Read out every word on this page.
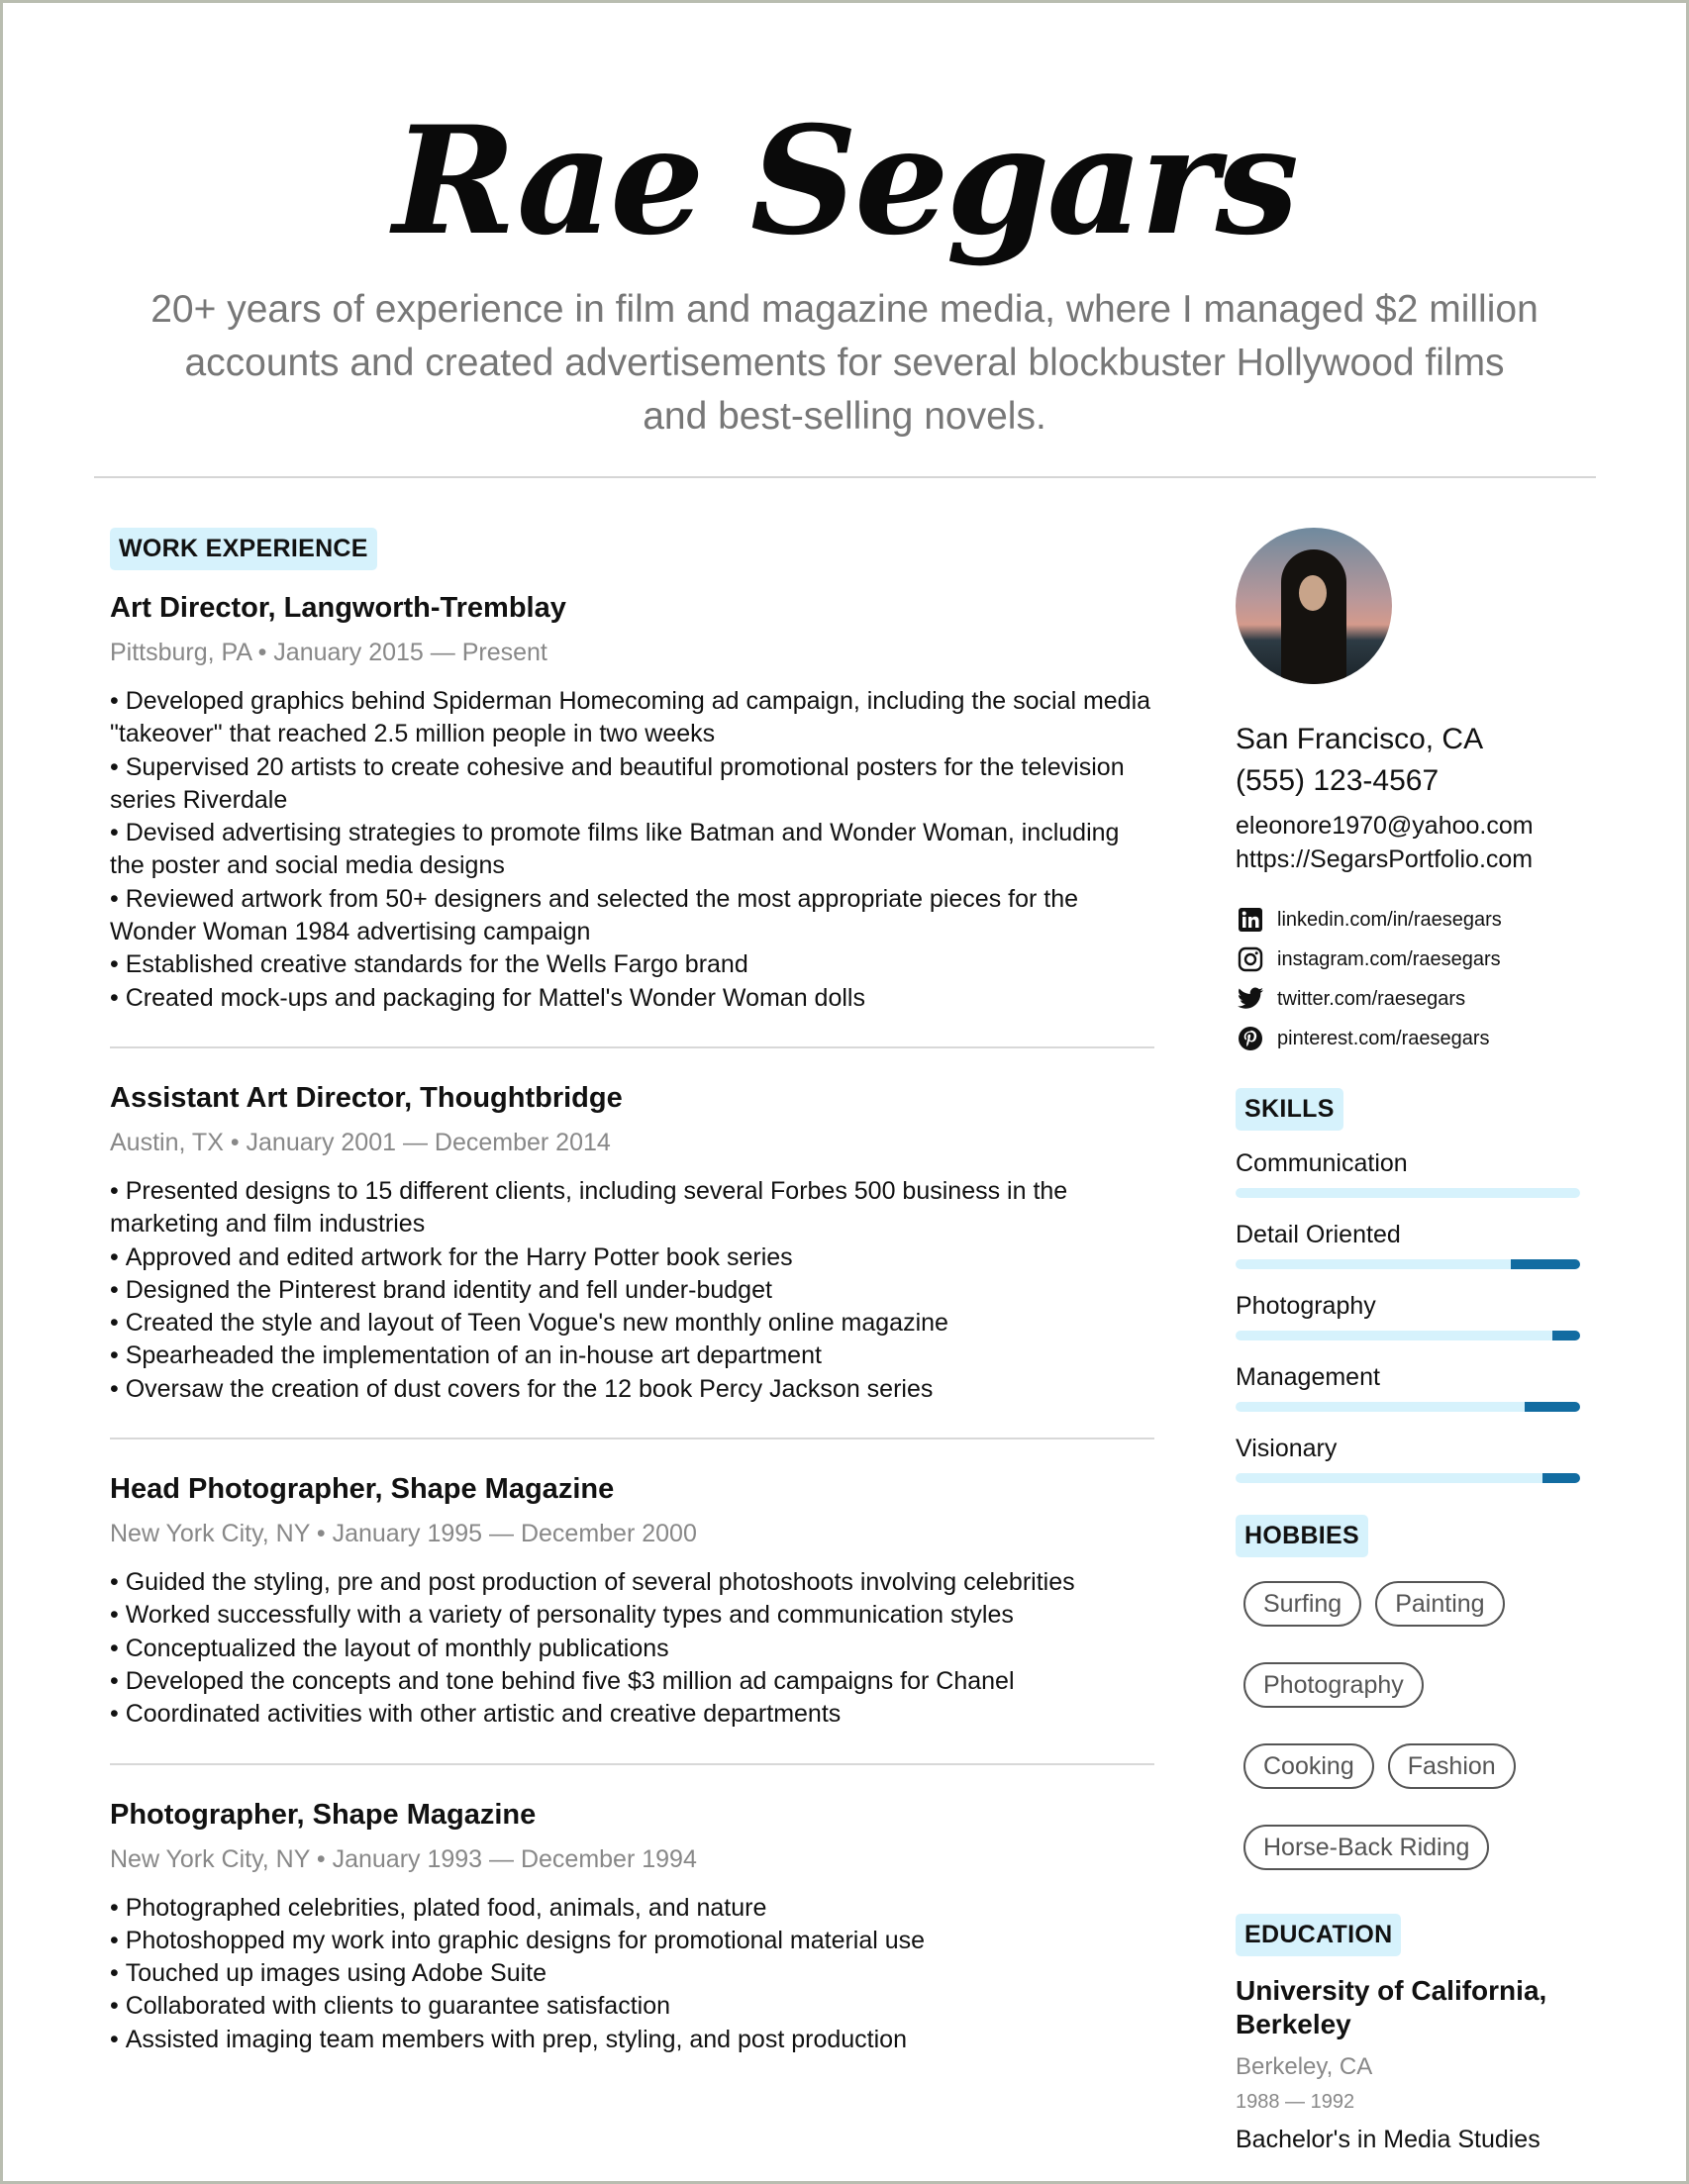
Rae Segars
20+ years of experience in film and magazine media, where I managed $2 million accounts and created advertisements for several blockbuster Hollywood films and best-selling novels.
WORK EXPERIENCE
Art Director, Langworth-Tremblay
Pittsburg, PA • January 2015 — Present
• Developed graphics behind Spiderman Homecoming ad campaign, including the social media "takeover" that reached 2.5 million people in two weeks
• Supervised 20 artists to create cohesive and beautiful promotional posters for the television series Riverdale
• Devised advertising strategies to promote films like Batman and Wonder Woman, including the poster and social media designs
• Reviewed artwork from 50+ designers and selected the most appropriate pieces for the Wonder Woman 1984 advertising campaign
• Established creative standards for the Wells Fargo brand
• Created mock-ups and packaging for Mattel's Wonder Woman dolls
Assistant Art Director, Thoughtbridge
Austin, TX • January 2001 — December 2014
• Presented designs to 15 different clients, including several Forbes 500 business in the marketing and film industries
• Approved and edited artwork for the Harry Potter book series
• Designed the Pinterest brand identity and fell under-budget
• Created the style and layout of Teen Vogue's new monthly online magazine
• Spearheaded the implementation of an in-house art department
• Oversaw the creation of dust covers for the 12 book Percy Jackson series
Head Photographer, Shape Magazine
New York City, NY • January 1995 — December 2000
• Guided the styling, pre and post production of several photoshoots involving celebrities
• Worked successfully with a variety of personality types and communication styles
• Conceptualized the layout of monthly publications
• Developed the concepts and tone behind five $3 million ad campaigns for Chanel
• Coordinated activities with other artistic and creative departments
Photographer, Shape Magazine
New York City, NY • January 1993 — December 1994
• Photographed celebrities, plated food, animals, and nature
• Photoshopped my work into graphic designs for promotional material use
• Touched up images using Adobe Suite
• Collaborated with clients to guarantee satisfaction
• Assisted imaging team members with prep, styling, and post production
San Francisco, CA
(555) 123-4567
eleonore1970@yahoo.com
https://SegarsPortfolio.com
linkedin.com/in/raesegars
instagram.com/raesegars
twitter.com/raesegars
pinterest.com/raesegars
SKILLS
Communication
Detail Oriented
Photography
Management
Visionary
HOBBIES
Surfing	Painting
Photography
Cooking	Fashion
Horse-Back Riding
EDUCATION
University of California, Berkeley
Berkeley, CA
1988 — 1992
Bachelor's in Media Studies
